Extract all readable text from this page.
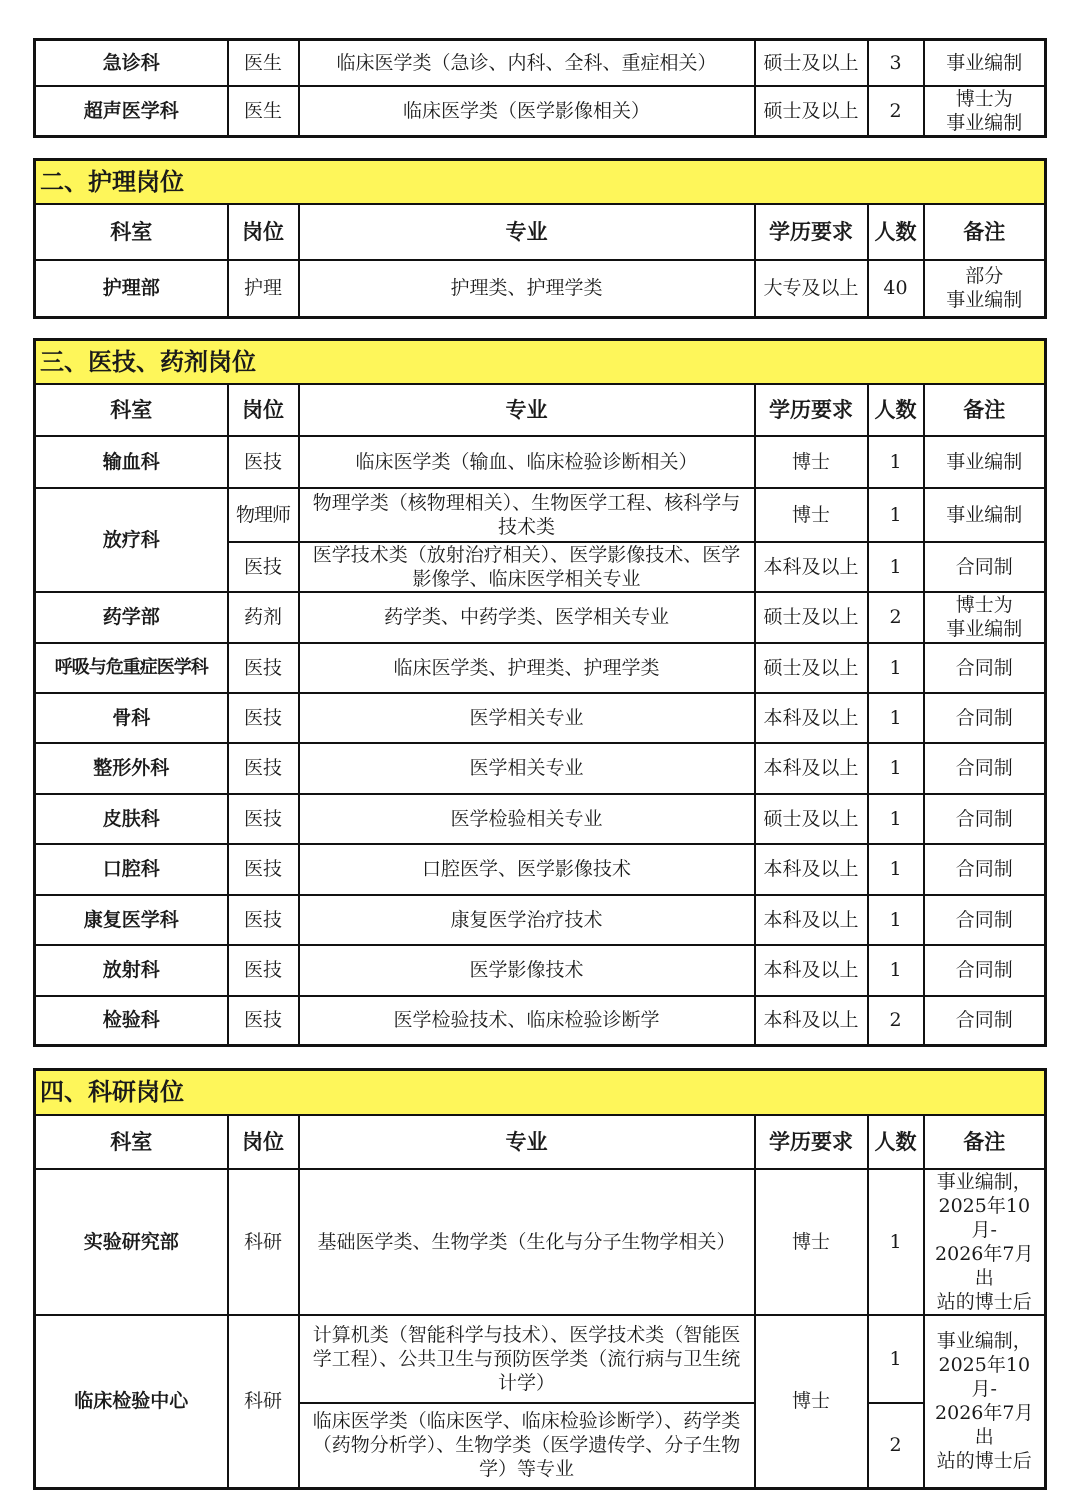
急诊科	医生	临床医学类（急诊、内科、全科、重症相关）	硕士及以上	3	事业编制

超声医学科	医生	临床医学类（医学影像相关）	硕士及以上	2	博士为
事业编制
二、护理岗位					
科室	岗位	专业	学历要求	人数	备注
护理部	护理	护理类、护理学类	大专及以上	40	部分
事业编制
三、医技、药剂岗位					
科室	岗位	专业	学历要求	人数	备注
输血科	医技	临床医学类（输血、临床检验诊断相关）	博士	1	事业编制

放疗科	物理师	物理学类（核物理相关）、生物医学工程、核科学与技术类	博士	1	事业编制

	医技	医学技术类（放射治疗相关）、医学影像技术、医学影像学、临床医学相关专业	本科及以上	1	合同制

药学部	药剂	药学类、中药学类、医学相关专业	硕士及以上	2	博士为
事业编制

呼吸与危重症医学科	医技	临床医学类、护理类、护理学类	硕士及以上	1	合同制

骨科	医技	医学相关专业	本科及以上	1	合同制

整形外科	医技	医学相关专业	本科及以上	1	合同制

皮肤科	医技	医学检验相关专业	硕士及以上	1	合同制

口腔科	医技	口腔医学、医学影像技术	本科及以上	1	合同制

康复医学科	医技	康复医学治疗技术	本科及以上	1	合同制

放射科	医技	医学影像技术	本科及以上	1	合同制

检验科	医技	医学检验技术、临床检验诊断学	本科及以上	2	合同制
四、科研岗位					
科室	岗位	专业	学历要求	人数	备注
实验研究部	科研	基础医学类、生物学类（生化与分子生物学相关）	博士	1	事业编制，
2025年10月-
2026年7月出
站的博士后

临床检验中心	科研	计算机类（智能科学与技术）、医学技术类（智能医学工程）、公共卫生与预防医学类（流行病与卫生统计学）	博士	1	事业编制，
2025年10月-
2026年7月出
站的博士后

		临床医学类（临床医学、临床检验诊断学）、药学类（药物分析学）、生物学类（医学遗传学、分子生物学）等专业		2	
